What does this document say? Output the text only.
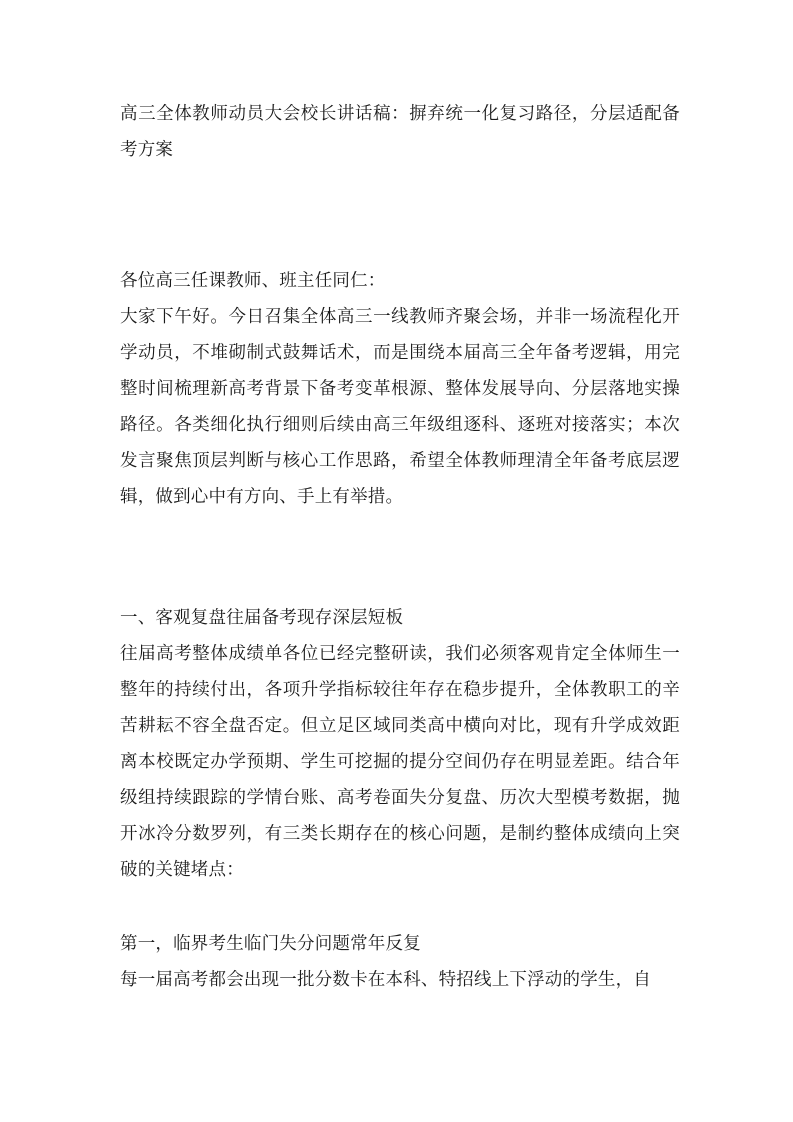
高三全体教师动员大会校长讲话稿：摒弃统一化复习路径，分层适配备考方案

各位高三任课教师、班主任同仁：

大家下午好。今日召集全体高三一线教师齐聚会场，并非一场流程化开学动员，不堆砌制式鼓舞话术，而是围绕本届高三全年备考逻辑，用完整时间梳理新高考背景下备考变革根源、整体发展导向、分层落地实操路径。各类细化执行细则后续由高三年级组逐科、逐班对接落实；本次发言聚焦顶层判断与核心工作思路，希望全体教师理清全年备考底层逻辑，做到心中有方向、手上有举措。

一、客观复盘往届备考现存深层短板

往届高考整体成绩单各位已经完整研读，我们必须客观肯定全体师生一整年的持续付出，各项升学指标较往年存在稳步提升，全体教职工的辛苦耕耘不容全盘否定。但立足区域同类高中横向对比，现有升学成效距离本校既定办学预期、学生可挖掘的提分空间仍存在明显差距。结合年级组持续跟踪的学情台账、高考卷面失分复盘、历次大型模考数据，抛开冰冷分数罗列，有三类长期存在的核心问题，是制约整体成绩向上突破的关键堵点：

第一，临界考生临门失分问题常年反复

每一届高考都会出现一批分数卡在本科、特招线上下浮动的学生，自
